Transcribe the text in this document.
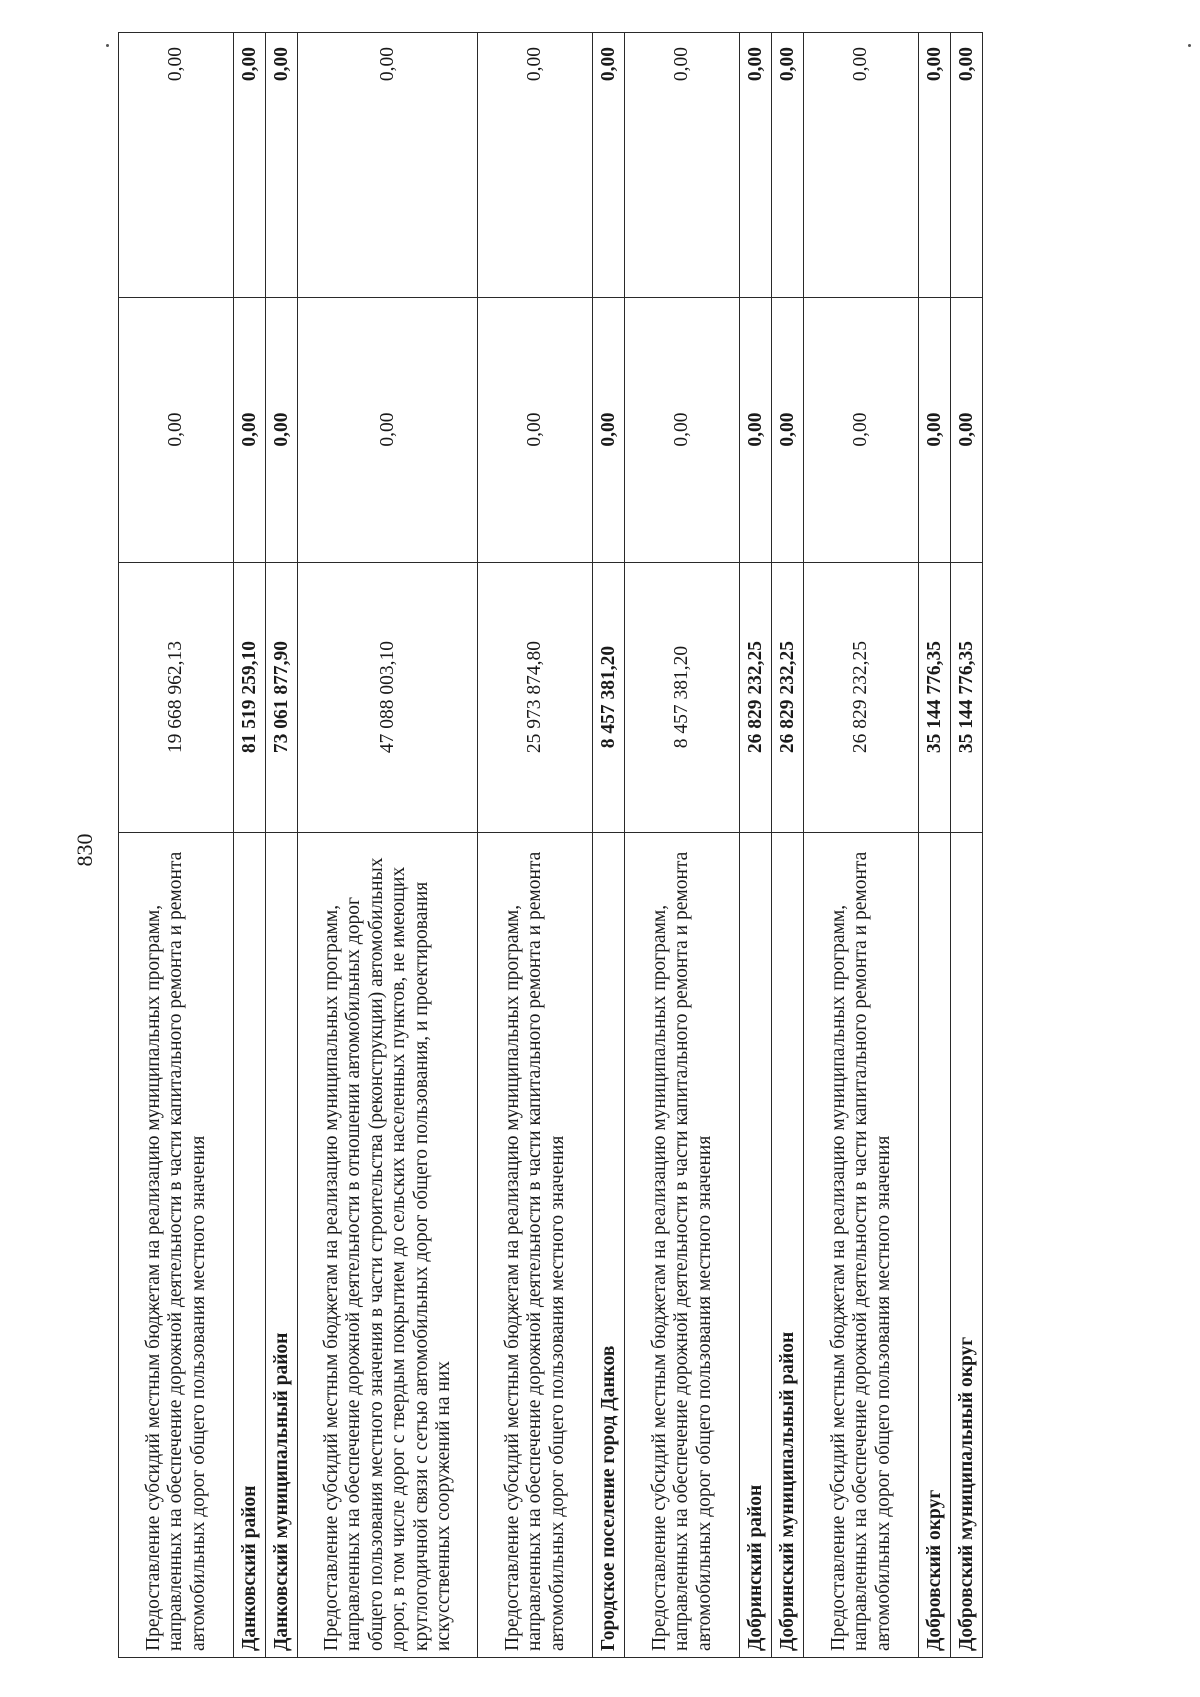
830
Предоставление субсидий местным бюджетам на реализацию муниципальных программ, направленных на обеспечение дорожной деятельности в части капитального ремонта и ремонта автомобильных дорог общего пользования местного значения	19 668 962,13	0,00	0,00
Данковский район	81 519 259,10	0,00	0,00
Данковский муниципальный район	73 061 877,90	0,00	0,00
Предоставление субсидий местным бюджетам на реализацию муниципальных программ, направленных на обеспечение дорожной деятельности в отношении автомобильных дорог общего пользования местного значения в части строительства (реконструкции) автомобильных дорог, в том числе дорог с твердым покрытием до сельских населенных пунктов, не имеющих круглогодичной связи с сетью автомобильных дорог общего пользования, и проектирования искусственных сооружений на них	47 088 003,10	0,00	0,00
Предоставление субсидий местным бюджетам на реализацию муниципальных программ, направленных на обеспечение дорожной деятельности в части капитального ремонта и ремонта автомобильных дорог общего пользования местного значения	25 973 874,80	0,00	0,00
Городское поселение город Данков	8 457 381,20	0,00	0,00
Предоставление субсидий местным бюджетам на реализацию муниципальных программ, направленных на обеспечение дорожной деятельности в части капитального ремонта и ремонта автомобильных дорог общего пользования местного значения	8 457 381,20	0,00	0,00
Добринский район	26 829 232,25	0,00	0,00
Добринский муниципальный район	26 829 232,25	0,00	0,00
Предоставление субсидий местным бюджетам на реализацию муниципальных программ, направленных на обеспечение дорожной деятельности в части капитального ремонта и ремонта автомобильных дорог общего пользования местного значения	26 829 232,25	0,00	0,00
Добровский округ	35 144 776,35	0,00	0,00
Добровский муниципальный округ	35 144 776,35	0,00	0,00
